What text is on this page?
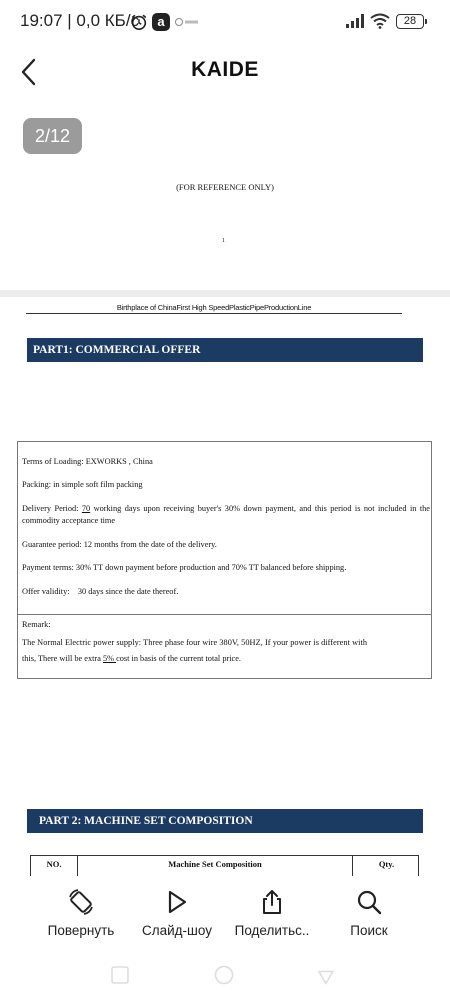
19:07 | 0,0 КБ/с	a	28
KAIDE
(FOR REFERENCE ONLY)
1
2/12
Birthplace of ChinaFirst High SpeedPlasticPipeProductionLine
PART1: COMMERCIAL OFFER
Terms of Loading: EXWORKS , China
Packing: in simple soft film packing
Delivery Period: 70 working days upon receiving buyer's 30% down payment, and this period is not included in the commodity acceptance time
Guarantee period: 12 months from the date of the delivery.
Payment terms: 30% TT down payment before production and 70% TT balanced before shipping.
Offer validity:    30 days since the date thereof.
Remark:
The Normal Electric power supply: Three phase four wire 380V, 50HZ, If your power is different with
this, There will be extra 5% cost in basis of the current total price.
PART 2: MACHINE SET COMPOSITION
NO.	Machine Set Composition	Qty.
Повернуть	Слайд-шоу	Поделитьс..	Поиск
